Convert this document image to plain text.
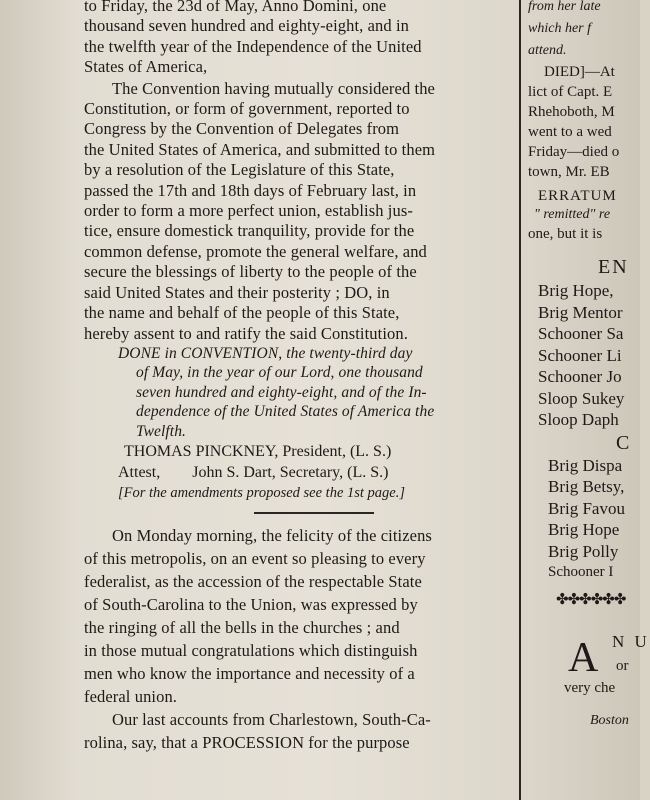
to Friday, the 23d of May, Anno Domini, one
thousand seven hundred and eighty-eight, and in
the twelfth year of the Independence of the United
States of America,
The Convention having mutually considered the
Constitution, or form of government, reported to
Congress by the Convention of Delegates from
the United States of America, and submitted to them
by a resolution of the Legislature of this State,
passed the 17th and 18th days of February last, in
order to form a more perfect union, establish jus-
tice, ensure domestick tranquility, provide for the
common defense, promote the general welfare, and
secure the blessings of liberty to the people of the
said United States and their posterity ; DO, in
the name and behalf of the people of this State,
hereby assent to and ratify the said Constitution.
DONE in CONVENTION, the twenty-third day
of May, in the year of our Lord, one thousand
seven hundred and eighty-eight, and of the In-
dependence of the United States of America the
Twelfth.
THOMAS PINCKNEY, President, (L. S.)
Attest,        John S. Dart, Secretary, (L. S.)
[For the amendments proposed see the 1st page.]
On Monday morning, the felicity of the citizens
of this metropolis, on an event so pleasing to every
federalist, as the accession of the respectable State
of South-Carolina to the Union, was expressed by
the ringing of all the bells in the churches ; and
in those mutual congratulations which distinguish
men who know the importance and necessity of a
federal union.
Our last accounts from Charlestown, South-Ca-
rolina, say, that a PROCESSION for the purpose
from her late
which her f
attend.
DIED]—At
lict of Capt. E
Rhehoboth, M
went to a wed
Friday—died o
town, Mr. EB
ERRATUM
" remitted" re
one, but it is
EN
Brig Hope,
Brig Mentor
Schooner Sa
Schooner Li
Schooner Jo
Sloop Sukey
Sloop Daph
C
Brig Dispa
Brig Betsy,
Brig Favou
Brig Hope
Brig Polly
Schooner I
✤✤✤✤✤✤
A N U
or
very che
Boston
